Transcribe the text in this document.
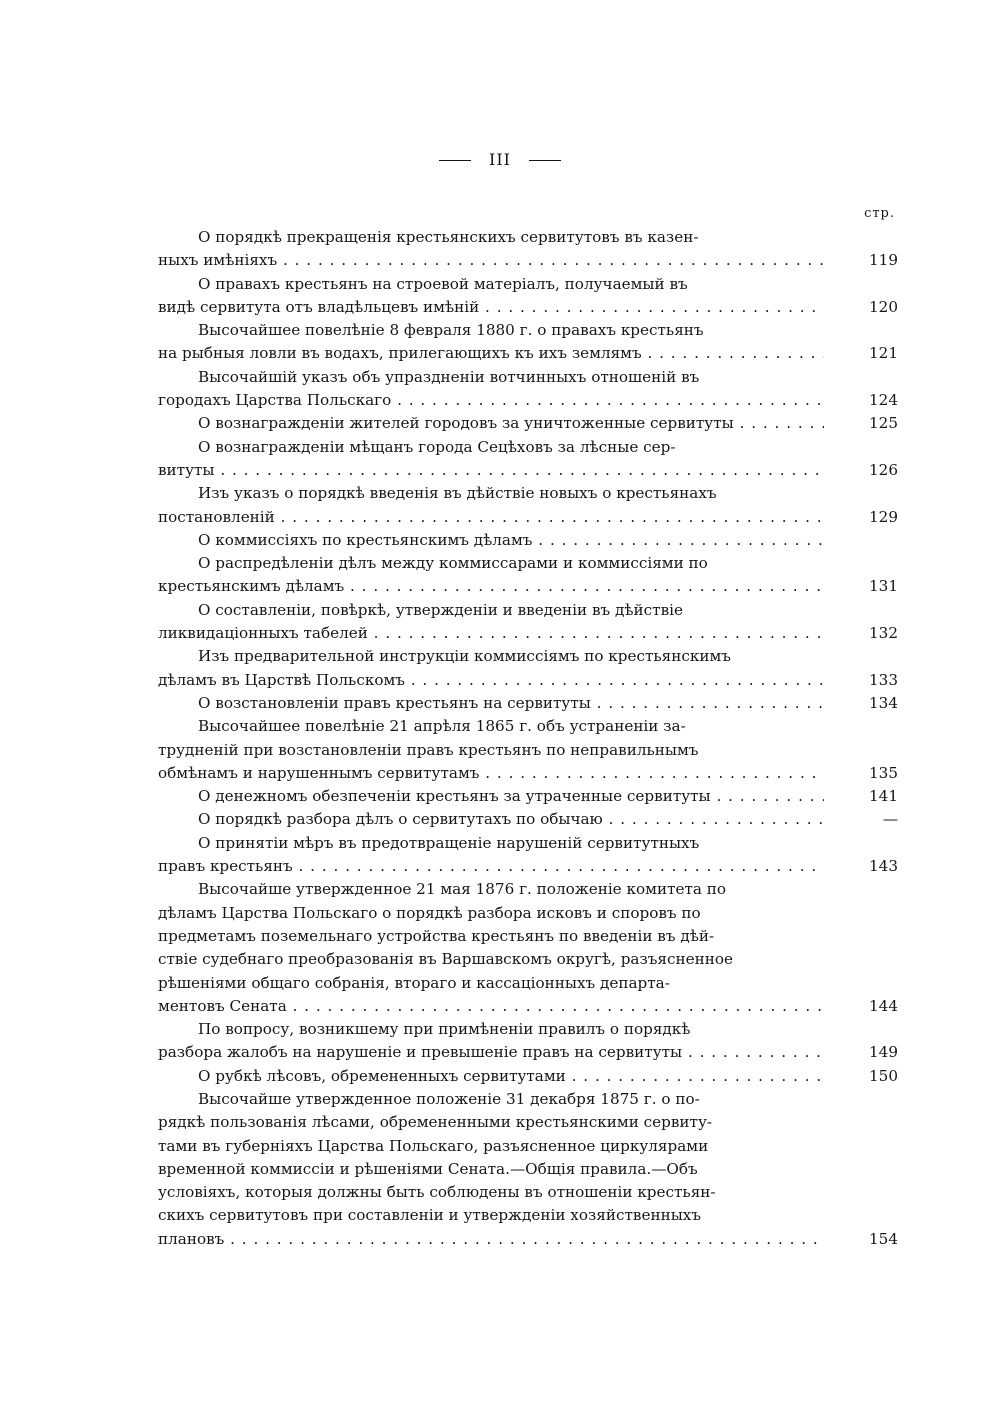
III
стр.
О порядкѣ прекращенія крестьянскихъ сервитутовъ въ казен-
ныхъ имѣніяхъ . . .	119
О правахъ крестьянъ на строевой матеріалъ, получаемый въ
видѣ сервитута отъ владѣльцевъ имѣній . . .	120
Высочайшее повелѣніе 8 февраля 1880 г. о правахъ крестьянъ
на рыбныя ловли въ водахъ, прилегающихъ къ ихъ землямъ . . .	121
Высочайшій указъ объ упраздненіи вотчинныхъ отношеній въ
городахъ Царства Польскаго . . .	124
О вознагражденіи жителей городовъ за уничтоженные сервитуты . . .	125
О вознагражденіи мѣщанъ города Сецѣховъ за лѣсные сер-
витуты . . .	126
Изъ указъ о порядкѣ введенія въ дѣйствіе новыхъ о крестьянахъ
постановленій . . .	129
О коммиссіяхъ по крестьянскимъ дѣламъ . . .
О распредѣленіи дѣлъ между коммиссарами и коммиссіями по
крестьянскимъ дѣламъ . . .	131
О составленіи, повѣркѣ, утвержденіи и введеніи въ дѣйствіе
ликвидаціонныхъ табелей . . .	132
Изъ предварительной инструкціи коммиссіямъ по крестьянскимъ
дѣламъ въ Царствѣ Польскомъ . . .	133
О возстановленіи правъ крестьянъ на сервитуты . . .	134
Высочайшее повелѣніе 21 апрѣля 1865 г. объ устраненіи за-
трудненій при возстановленіи правъ крестьянъ по неправильнымъ
обмѣнамъ и нарушеннымъ сервитутамъ . . .	135
О денежномъ обезпеченіи крестьянъ за утраченные сервитуты . . .	141
О порядкѣ разбора дѣлъ о сервитутахъ по обычаю . . .	—
О принятіи мѣръ въ предотвращеніе нарушеній сервитутныхъ
правъ крестьянъ . . .	143
Высочайше утвержденное 21 мая 1876 г. положеніе комитета по
дѣламъ Царства Польскаго о порядкѣ разбора исковъ и споровъ по
предметамъ поземельнаго устройства крестьянъ по введеніи въ дѣй-
ствіе судебнаго преобразованія въ Варшавскомъ округѣ, разъясненное
рѣшеніями общаго собранія, втораго и кассаціонныхъ департа-
ментовъ Сената . . .	144
По вопросу, возникшему при примѣненіи правилъ о порядкѣ
разбора жалобъ на нарушеніе и превышеніе правъ на сервитуты . . .	149
О рубкѣ лѣсовъ, обремененныхъ сервитутами . . .	150
Высочайше утвержденное положеніе 31 декабря 1875 г. о по-
рядкѣ пользованія лѣсами, обремененными крестьянскими сервиту-
тами въ губерніяхъ Царства Польскаго, разъясненное циркулярами
временной коммиссіи и рѣшеніями Сената.—Общія правила.—Объ
условіяхъ, которыя должны быть соблюдены въ отношеніи крестьян-
скихъ сервитутовъ при составленіи и утвержденіи хозяйственныхъ
плановъ . . .	154
